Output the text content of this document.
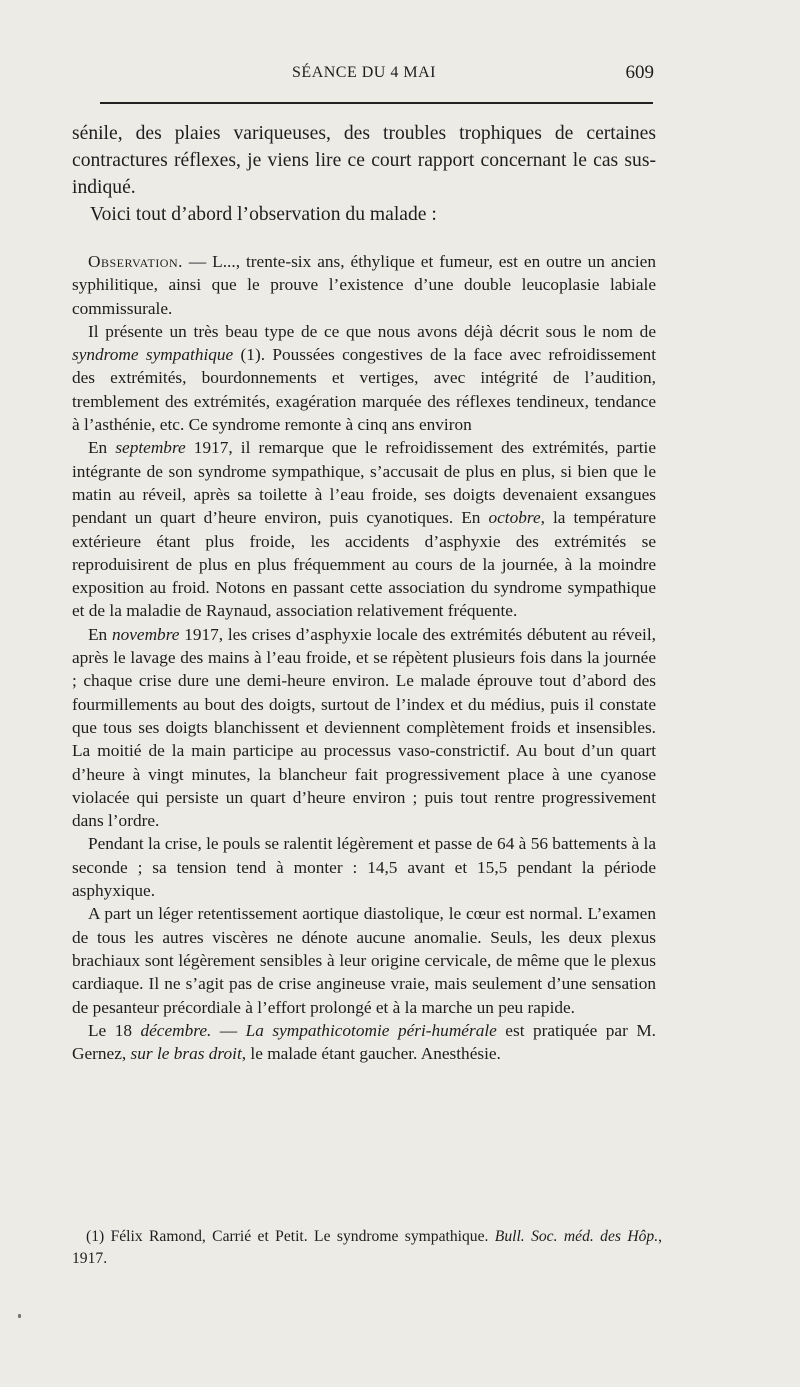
SÉANCE DU 4 MAI	609

sénile, des plaies variqueuses, des troubles trophiques de certaines contractures réflexes, je viens lire ce court rapport concernant le cas sus-indiqué.

Voici tout d’abord l’observation du malade :

Observation. — L..., trente-six ans, éthylique et fumeur, est en outre un ancien syphilitique, ainsi que le prouve l’existence d’une double leucoplasie labiale commissurale.

Il présente un très beau type de ce que nous avons déjà décrit sous le nom de syndrome sympathique (1). Poussées congestives de la face avec refroidissement des extrémités, bourdonnements et vertiges, avec intégrité de l’audition, tremblement des extrémités, exagération marquée des réflexes tendineux, tendance à l’asthénie, etc. Ce syndrome remonte à cinq ans environ

En septembre 1917, il remarque que le refroidissement des extrémités, partie intégrante de son syndrome sympathique, s’accusait de plus en plus, si bien que le matin au réveil, après sa toilette à l’eau froide, ses doigts devenaient exsangues pendant un quart d’heure environ, puis cyanotiques. En octobre, la température extérieure étant plus froide, les accidents d’asphyxie des extrémités se reproduisirent de plus en plus fréquemment au cours de la journée, à la moindre exposition au froid. Notons en passant cette association du syndrome sympathique et de la maladie de Raynaud, association relativement fréquente.

En novembre 1917, les crises d’asphyxie locale des extrémités débutent au réveil, après le lavage des mains à l’eau froide, et se répètent plusieurs fois dans la journée ; chaque crise dure une demi-heure environ. Le malade éprouve tout d’abord des fourmillements au bout des doigts, surtout de l’index et du médius, puis il constate que tous ses doigts blanchissent et deviennent complètement froids et insensibles. La moitié de la main participe au processus vaso-constrictif. Au bout d’un quart d’heure à vingt minutes, la blancheur fait progressivement place à une cyanose violacée qui persiste un quart d’heure environ ; puis tout rentre progressivement dans l’ordre.

Pendant la crise, le pouls se ralentit légèrement et passe de 64 à 56 battements à la seconde ; sa tension tend à monter : 14,5 avant et 15,5 pendant la période asphyxique.

A part un léger retentissement aortique diastolique, le cœur est normal. L’examen de tous les autres viscères ne dénote aucune anomalie. Seuls, les deux plexus brachiaux sont légèrement sensibles à leur origine cervicale, de même que le plexus cardiaque. Il ne s’agit pas de crise angineuse vraie, mais seulement d’une sensation de pesanteur précordiale à l’effort prolongé et à la marche un peu rapide.

Le 18 décembre. — La sympathicotomie péri-humérale est pratiquée par M. Gernez, sur le bras droit, le malade étant gaucher. Anesthésie.

(1) Félix Ramond, Carrié et Petit. Le syndrome sympathique. Bull. Soc. méd. des Hôp., 1917.
